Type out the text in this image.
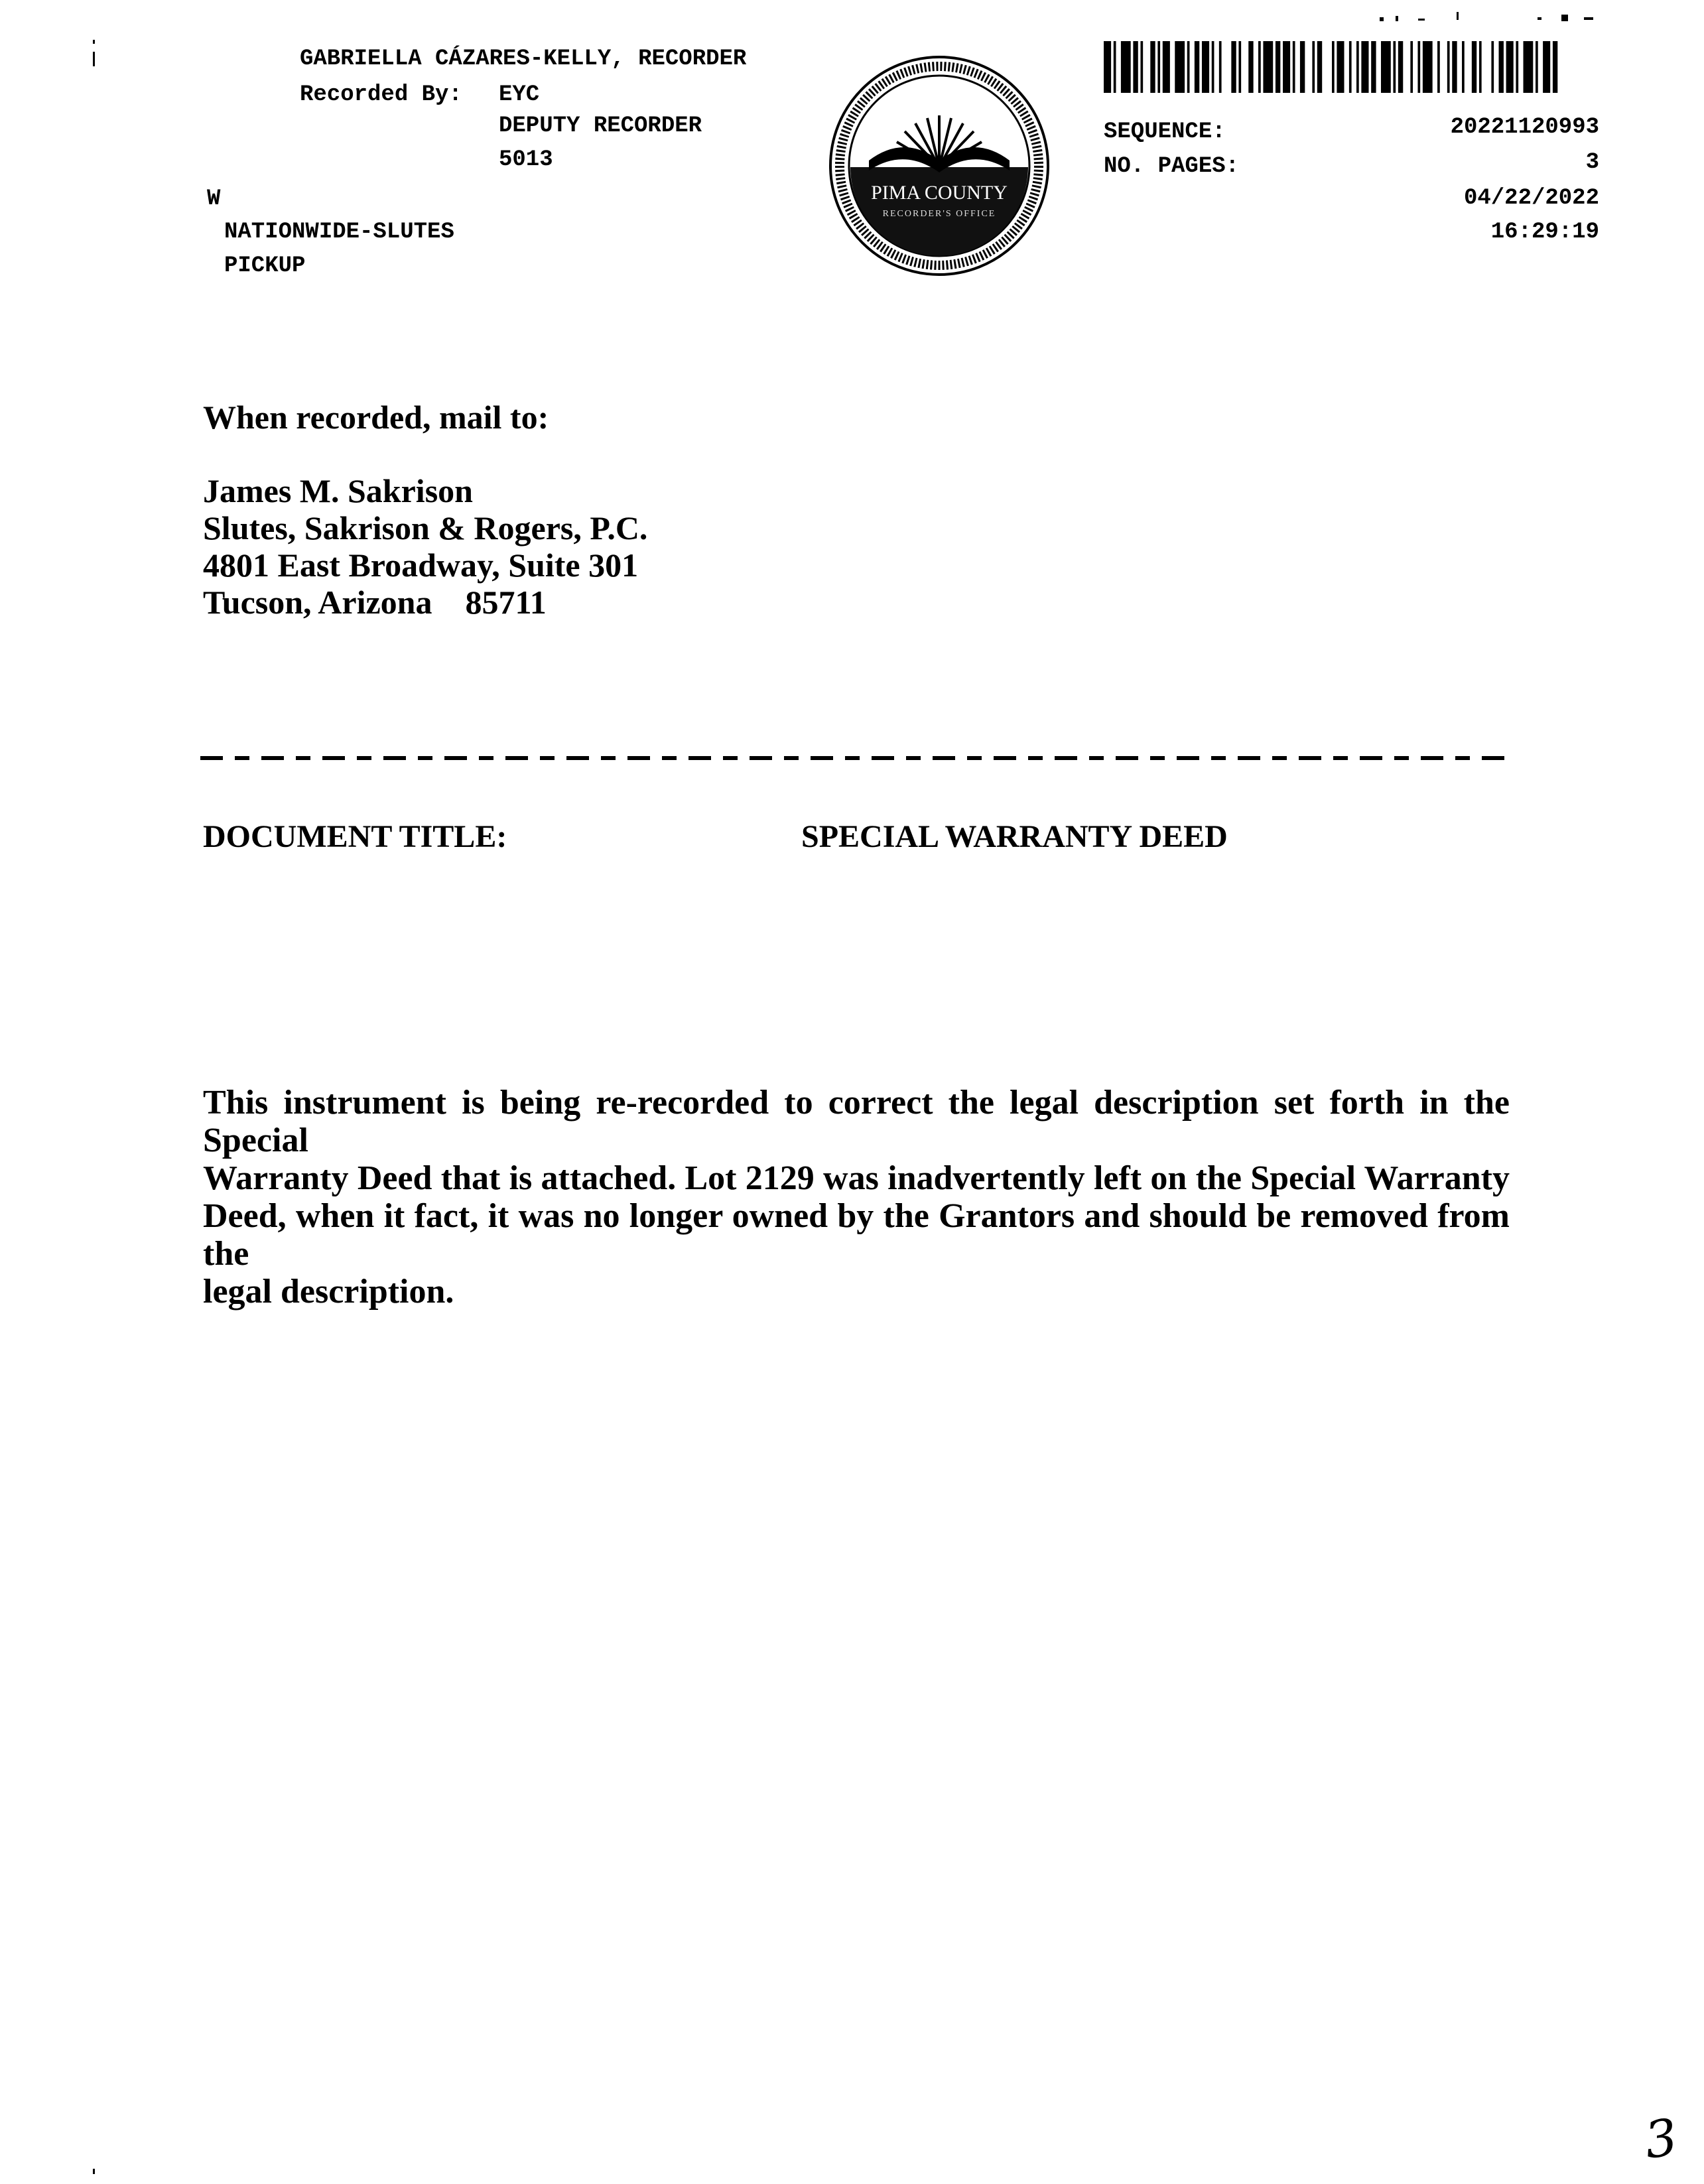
GABRIELLA CÁZARES-KELLY, RECORDER
Recorded By: EYC
DEPUTY RECORDER
5013
W
NATIONWIDE-SLUTES
PICKUP
PIMA COUNTY
RECORDER'S OFFICE
SEQUENCE:	20221120993
NO. PAGES:	3
04/22/2022
16:29:19
When recorded, mail to:
James M. Sakrison
Slutes, Sakrison & Rogers, P.C.
4801 East Broadway, Suite 301
Tucson, Arizona    85711
DOCUMENT TITLE:	SPECIAL WARRANTY DEED
This instrument is being re-recorded to correct the legal description set forth in the Special
Warranty Deed that is attached. Lot 2129 was inadvertently left on the Special Warranty
Deed, when it fact, it was no longer owned by the Grantors and should be removed from the
legal description.
3
